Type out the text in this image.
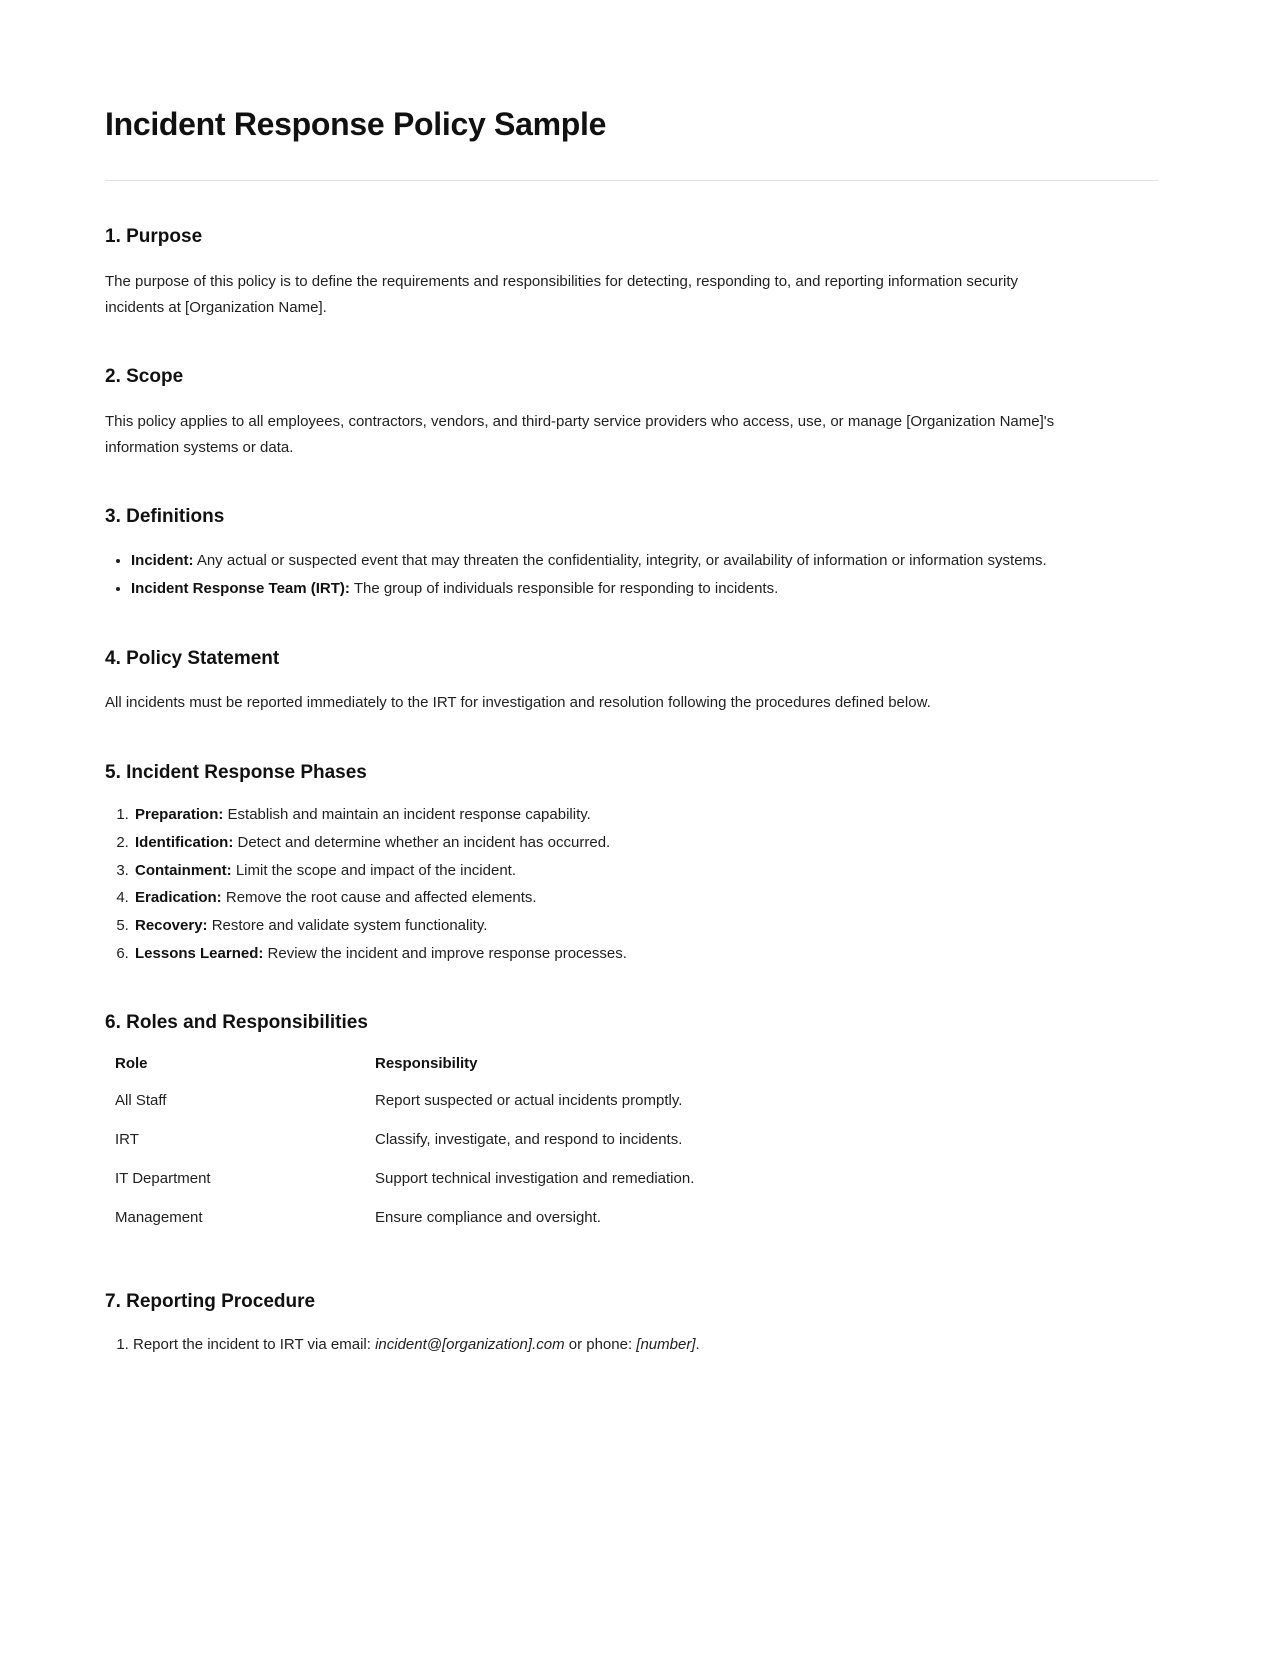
Incident Response Policy Sample
1. Purpose

The purpose of this policy is to define the requirements and responsibilities for detecting, responding to, and reporting information security incidents at [Organization Name].

2. Scope

This policy applies to all employees, contractors, vendors, and third-party service providers who access, use, or manage [Organization Name]'s information systems or data.

3. Definitions
• Incident: Any actual or suspected event that may threaten the confidentiality, integrity, or availability of information or information systems.
• Incident Response Team (IRT): The group of individuals responsible for responding to incidents.
4. Policy Statement

All incidents must be reported immediately to the IRT for investigation and resolution following the procedures defined below.

5. Incident Response Phases
1. Preparation: Establish and maintain an incident response capability.
2. Identification: Detect and determine whether an incident has occurred.
3. Containment: Limit the scope and impact of the incident.
4. Eradication: Remove the root cause and affected elements.
5. Recovery: Restore and validate system functionality.
6. Lessons Learned: Review the incident and improve response processes.
6. Roles and Responsibilities
Role	Responsibility
All Staff	Report suspected or actual incidents promptly.
IRT	Classify, investigate, and respond to incidents.
IT Department	Support technical investigation and remediation.
Management	Ensure compliance and oversight.
7. Reporting Procedure
1. Report the incident to IRT via email: incident@[organization].com or phone: [number].
